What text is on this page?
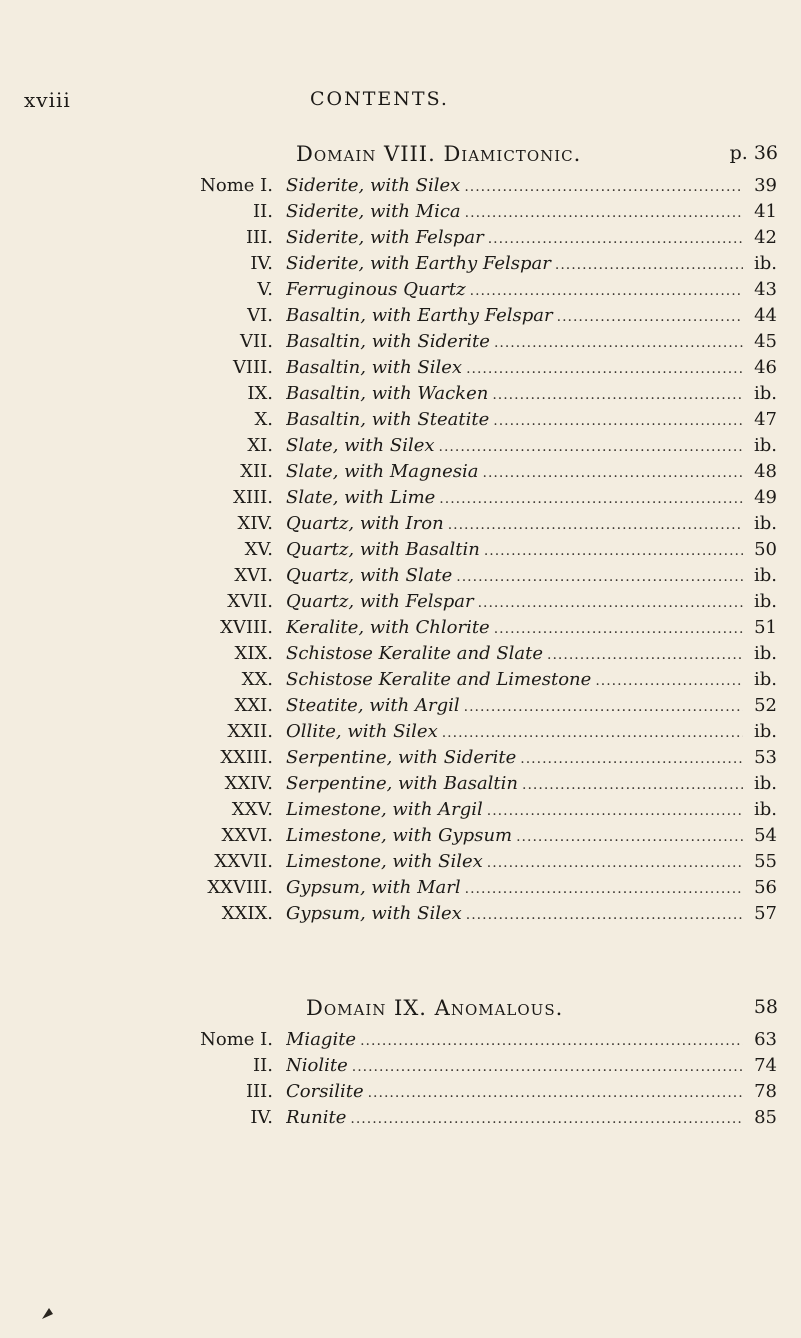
xviii	CONTENTS.
Domain VIII. Diamictonic.	p. 36
Nome I. Siderite, with Silex .....	39
II. Siderite, with Mica .....	41
III. Siderite, with Felspar .....	42
IV. Siderite, with Earthy Felspar .....	ib.
V. Ferruginous Quartz .....	43
VI. Basaltin, with Earthy Felspar .....	44
VII. Basaltin, with Siderite .....	45
VIII. Basaltin, with Silex .....	46
IX. Basaltin, with Wacken .....	ib.
X. Basaltin, with Steatite .....	47
XI. Slate, with Silex .....	ib.
XII. Slate, with Magnesia .....	48
XIII. Slate, with Lime .....	49
XIV. Quartz, with Iron .....	ib.
XV. Quartz, with Basaltin .....	50
XVI. Quartz, with Slate .....	ib.
XVII. Quartz, with Felspar .....	ib.
XVIII. Keralite, with Chlorite .....	51
XIX. Schistose Keralite and Slate .....	ib.
XX. Schistose Keralite and Limestone .....	ib.
XXI. Steatite, with Argil .....	52
XXII. Ollite, with Silex .....	ib.
XXIII. Serpentine, with Siderite .....	53
XXIV. Serpentine, with Basaltin .....	ib.
XXV. Limestone, with Argil .....	ib.
XXVI. Limestone, with Gypsum .....	54
XXVII. Limestone, with Silex .....	55
XXVIII. Gypsum, with Marl .....	56
XXIX. Gypsum, with Silex .....	57
Domain IX. Anomalous.	58
Nome I. Miagite .....	63
II. Niolite .....	74
III. Corsilite .....	78
IV. Runite .....	85
